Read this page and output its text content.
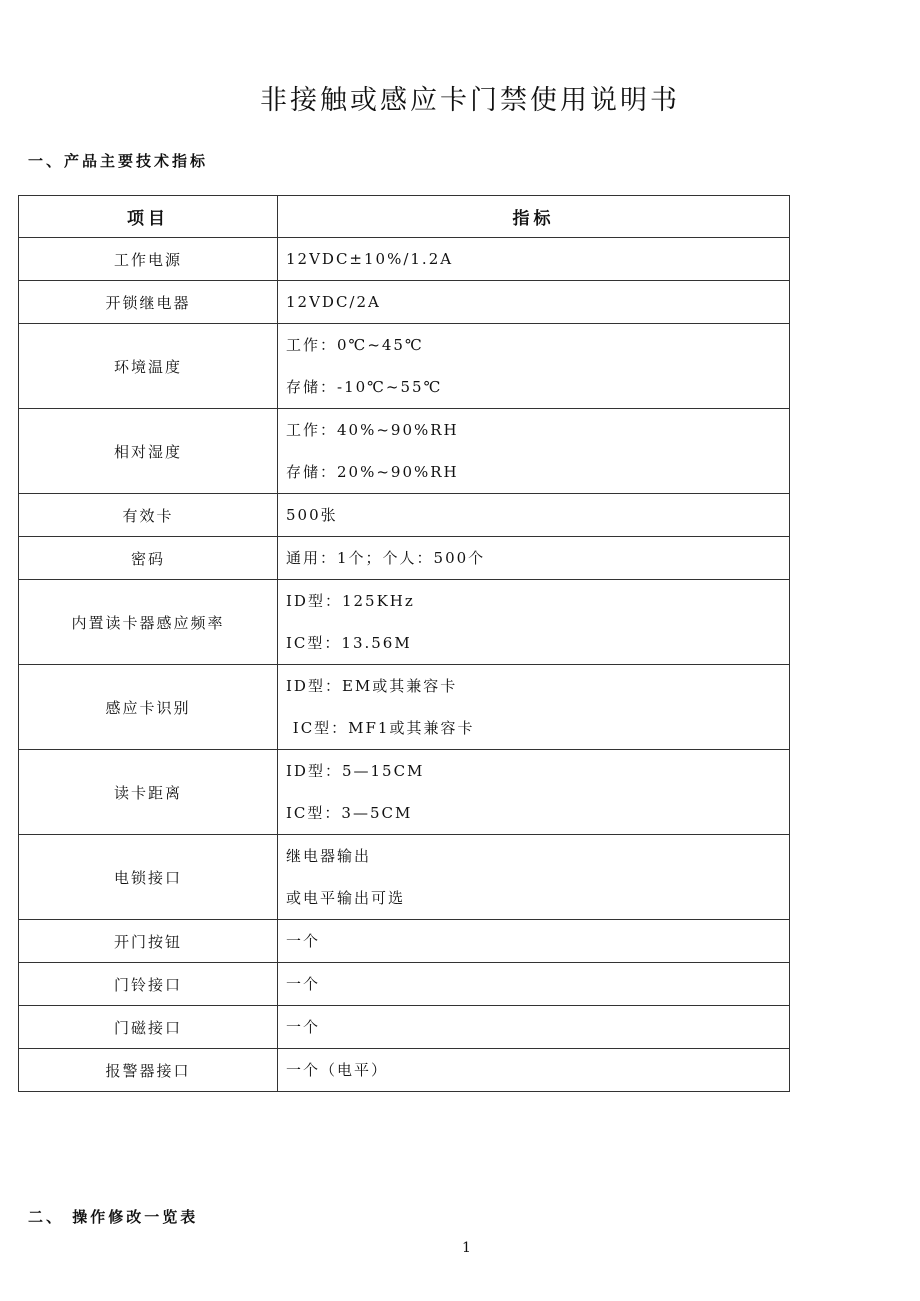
非接触或感应卡门禁使用说明书
一、产品主要技术指标
项目	指标
工作电源	12VDC±10%/1.2A

开锁继电器	12VDC/2A

环境温度	工作：0℃~45℃
存储：-10℃~55℃

相对湿度	工作：40%~90%RH
存储：20%~90%RH

有效卡	500张

密码	通用：1个；个人：500个

内置读卡器感应频率	ID型：125KHz
IC型：13.56M

感应卡识别	ID型：EM或其兼容卡
IC型：MF1或其兼容卡

读卡距离	ID型：5—15CM
IC型：3—5CM

电锁接口	继电器输出
或电平输出可选

开门按钮	一个

门铃接口	一个

门磁接口	一个

报警器接口	一个（电平）
二、 操作修改一览表
1
